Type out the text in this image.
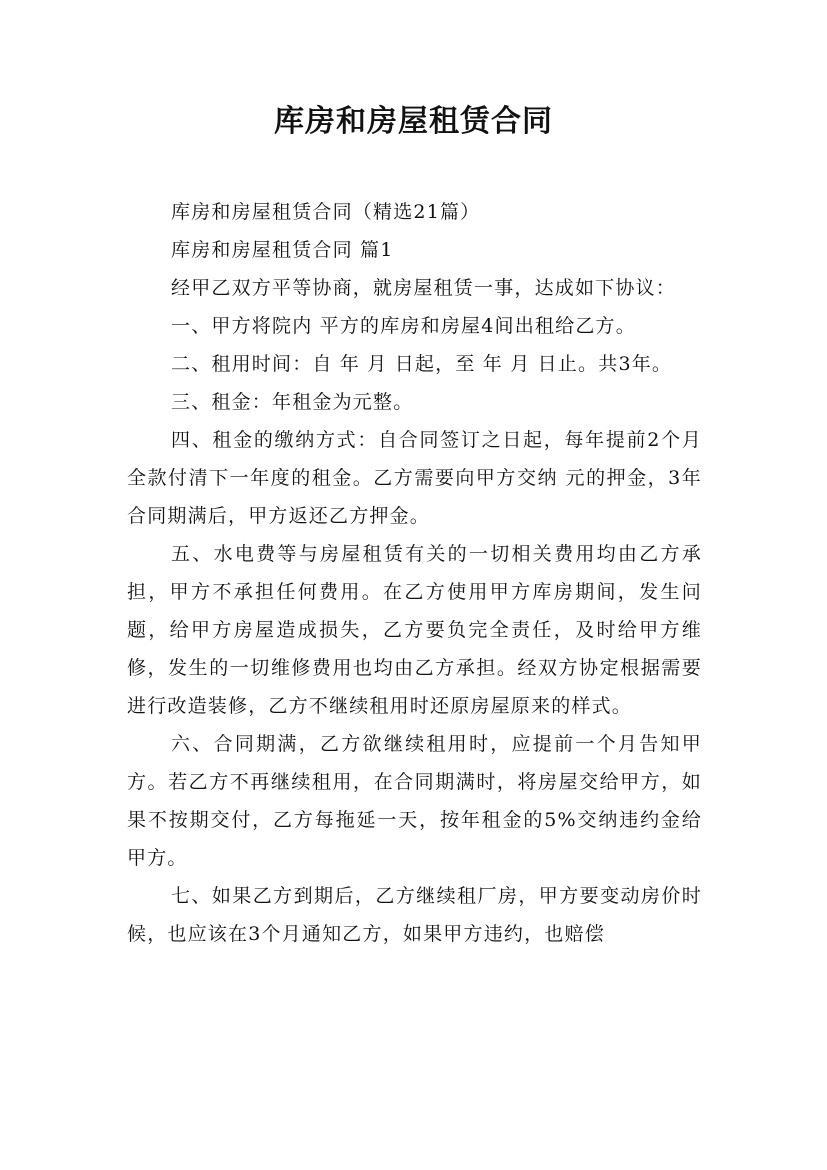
库房和房屋租赁合同

库房和房屋租赁合同（精选21篇）

库房和房屋租赁合同 篇1

经甲乙双方平等协商，就房屋租赁一事，达成如下协议：

一、甲方将院内 平方的库房和房屋4间出租给乙方。

二、租用时间：自 年 月 日起，至 年 月 日止。共3年。

三、租金：年租金为元整。

四、租金的缴纳方式：自合同签订之日起，每年提前2个月全款付清下一年度的租金。乙方需要向甲方交纳 元的押金，3年合同期满后，甲方返还乙方押金。

五、水电费等与房屋租赁有关的一切相关费用均由乙方承担，甲方不承担任何费用。在乙方使用甲方库房期间，发生问题，给甲方房屋造成损失，乙方要负完全责任，及时给甲方维修，发生的一切维修费用也均由乙方承担。经双方协定根据需要进行改造装修，乙方不继续租用时还原房屋原来的样式。

六、合同期满，乙方欲继续租用时，应提前一个月告知甲方。若乙方不再继续租用，在合同期满时，将房屋交给甲方，如果不按期交付，乙方每拖延一天，按年租金的5%交纳违约金给甲方。

七、如果乙方到期后，乙方继续租厂房，甲方要变动房价时候，也应该在3个月通知乙方，如果甲方违约，也赔偿
